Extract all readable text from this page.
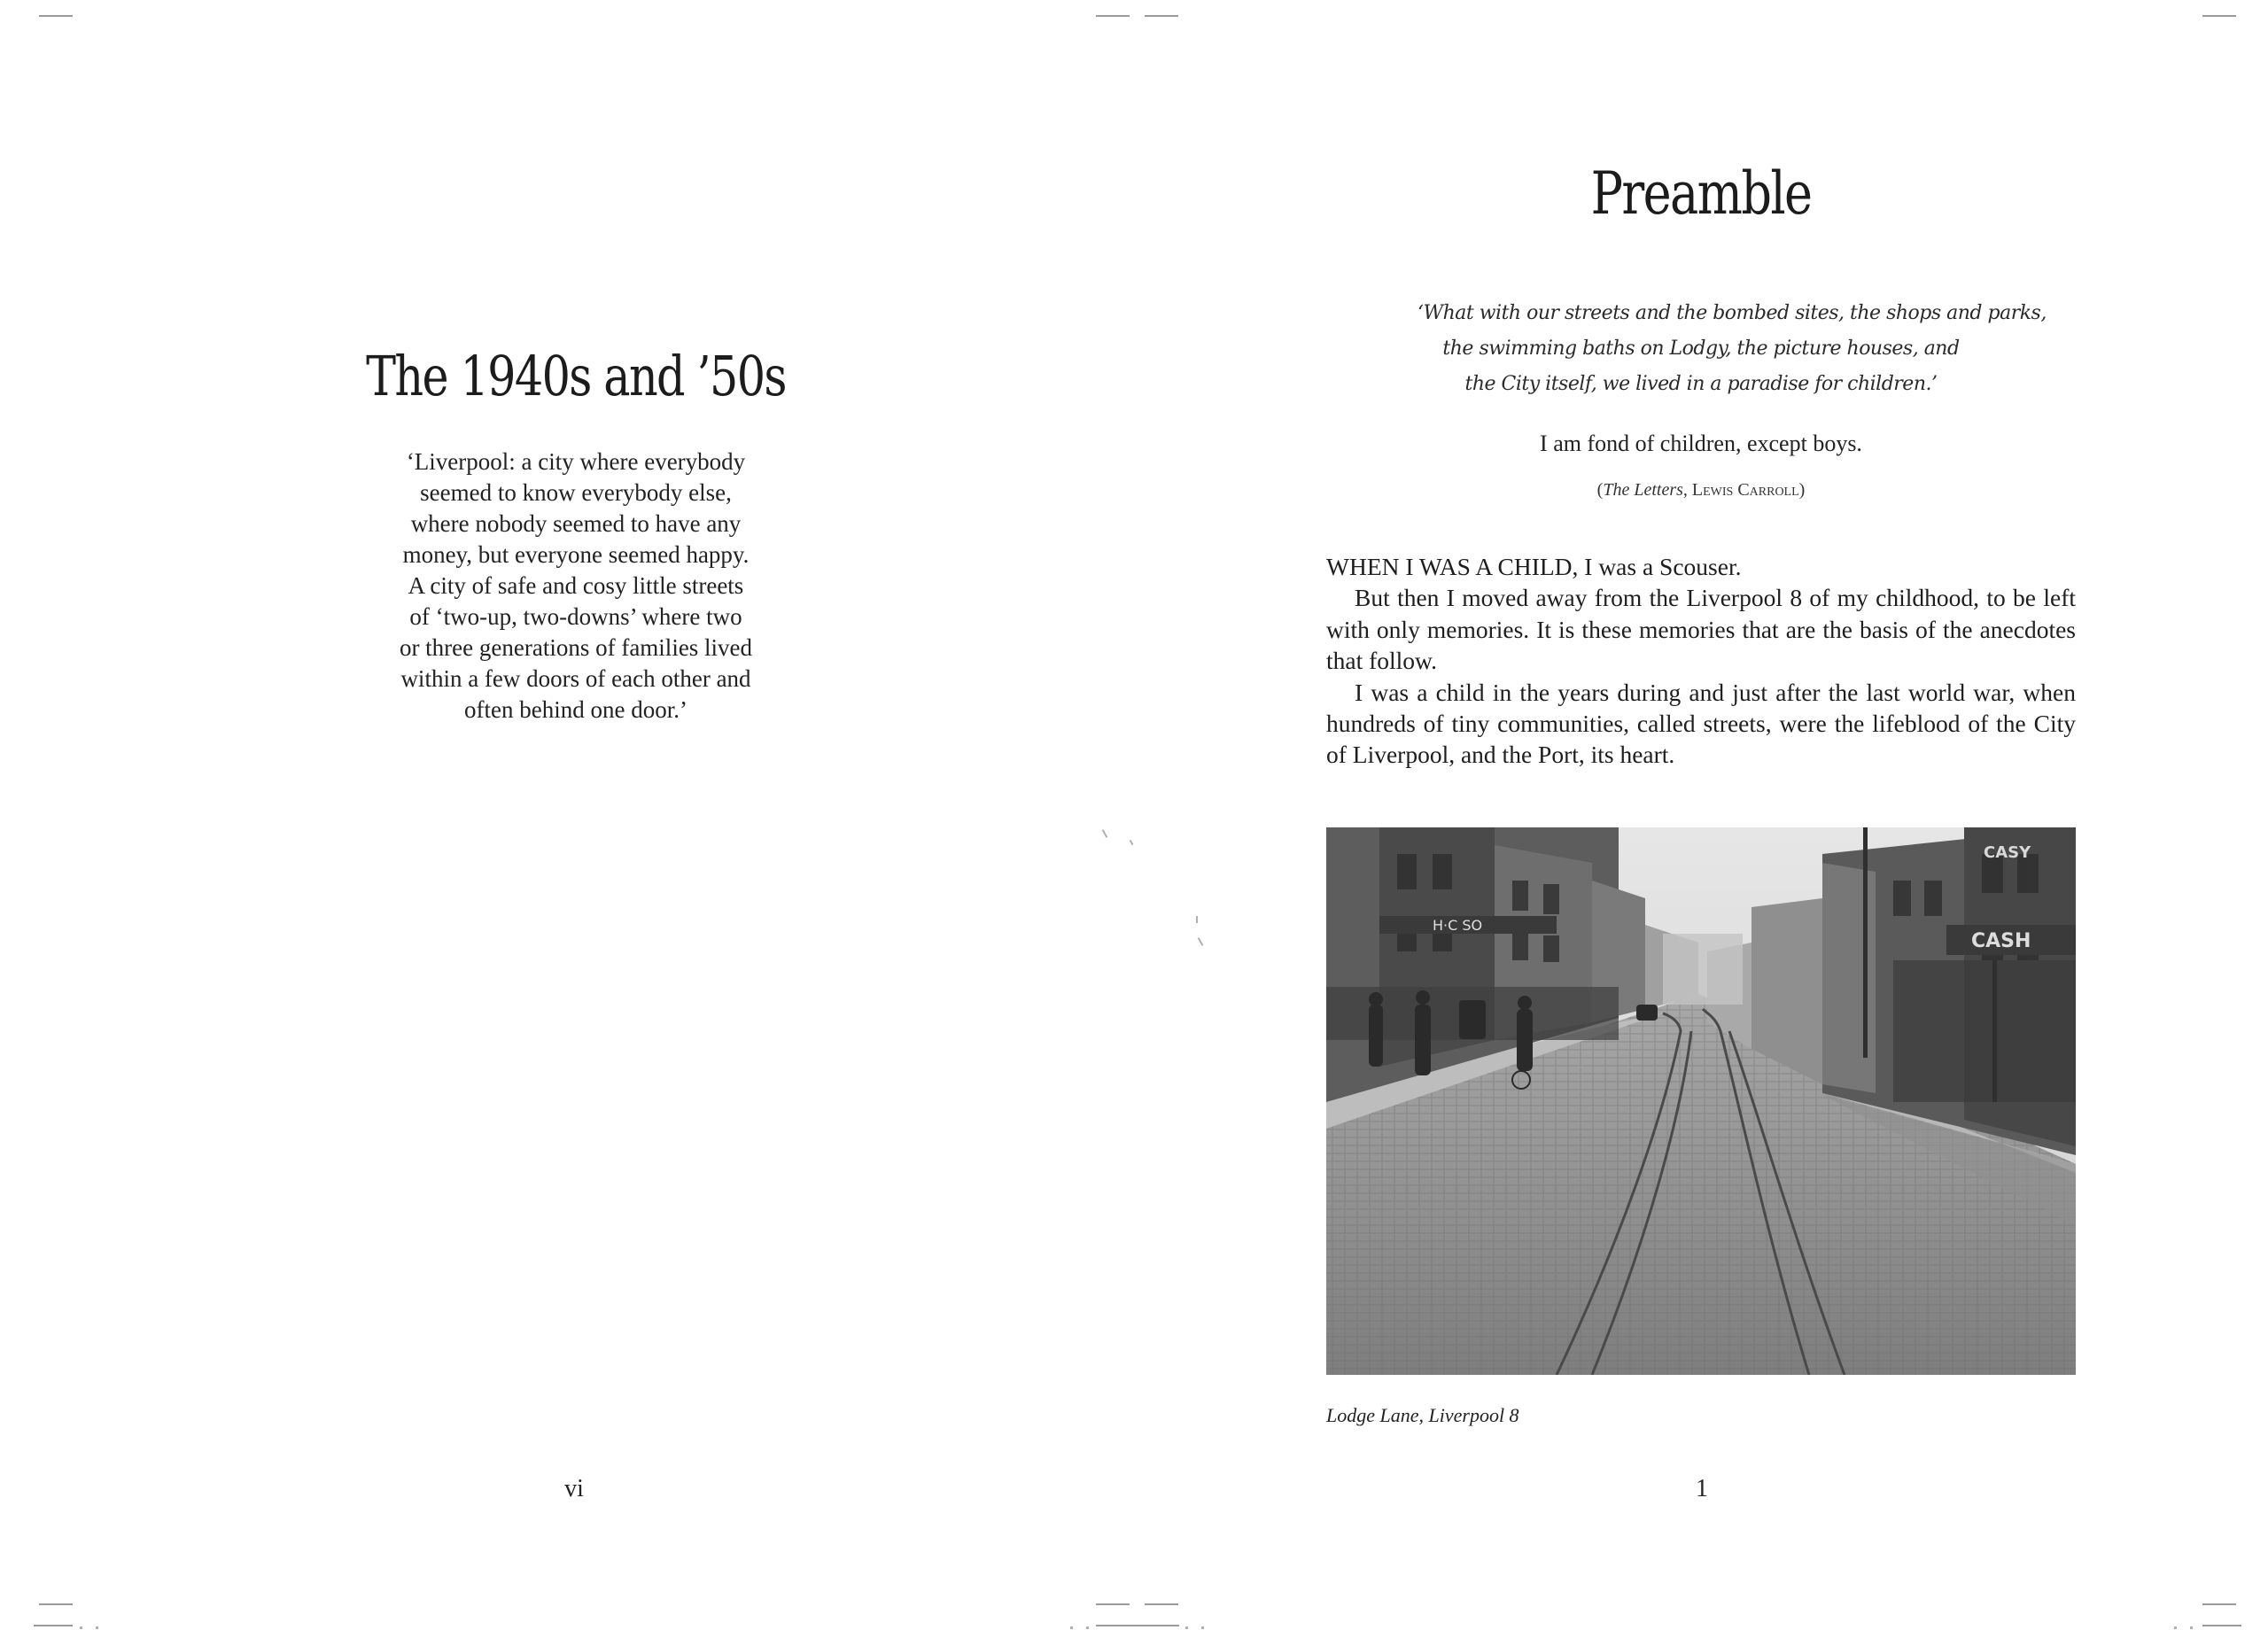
The 1940s and ’50s
‘Liverpool: a city where everybody
seemed to know everybody else,
where nobody seemed to have any
money, but everyone seemed happy.
A city of safe and cosy little streets
of ‘two-up, two-downs’ where two
or three generations of families lived
within a few doors of each other and
often behind one door.’
vi
Preamble
‘What with our streets and the bombed sites, the shops and parks,
the swimming baths on Lodgy, the picture houses, and
the City itself, we lived in a paradise for children.’
I am fond of children, except boys.
(The Letters, Lewis Carroll)

WHEN I WAS A CHILD, I was a Scouser.

But then I moved away from the Liverpool 8 of my childhood, to be left with only memories. It is these memories that are the basis of the anecdotes that follow.

I was a child in the years during and just after the last world war, when hundreds of tiny communities, called streets, were the lifeblood of the City of Liverpool, and the Port, its heart.

H·C SO
CASY
CASH
Lodge Lane, Liverpool 8
1
